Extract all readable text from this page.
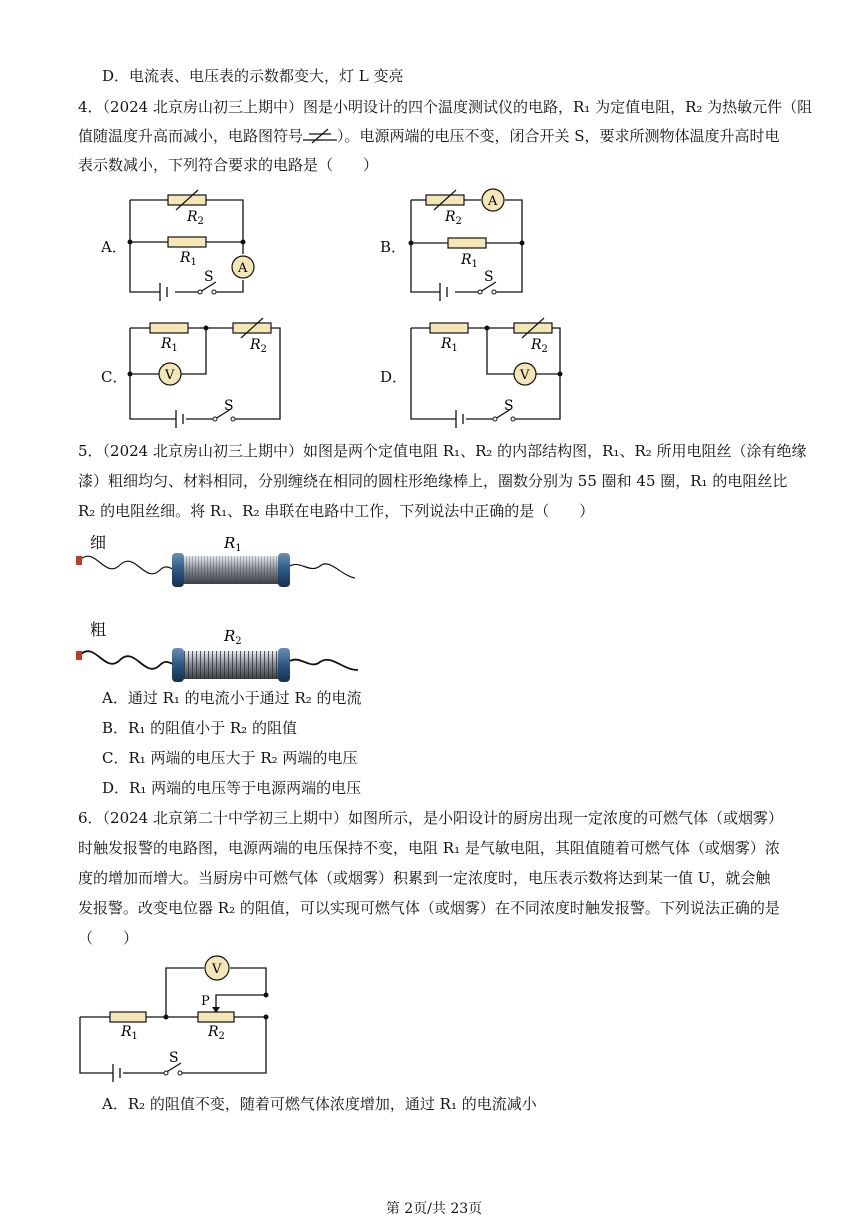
D．电流表、电压表的示数都变大，灯 L 变亮
4．（2024 北京房山初三上期中）图是小明设计的四个温度测试仪的电路，R₁ 为定值电阻，R₂ 为热敏元件（阻
值随温度升高而减小，电路图符号 ）。电源两端的电压不变，闭合开关 S，要求所测物体温度升高时电
表示数减小，下列符合要求的电路是（　　）
A．	B．
C．	D．
$R_2$
$R_1$	A
S
$R_2$
$R_1$
A
S
$R_1$	$R_2$
V
S
$R_1$	$R_2$
V
S
5．（2024 北京房山初三上期中）如图是两个定值电阻 R₁、R₂ 的内部结构图，R₁、R₂ 所用电阻丝（涂有绝缘
漆）粗细均匀、材料相同，分别缠绕在相同的圆柱形绝缘棒上，圈数分别为 55 圈和 45 圈，R₁ 的电阻丝比
R₂ 的电阻丝细。将 R₁、R₂ 串联在电路中工作，下列说法中正确的是（　　）
细
粗
$R_1$
$R_2$
A．通过 R₁ 的电流小于通过 R₂ 的电流
B．R₁ 的阻值小于 R₂ 的阻值
C．R₁ 两端的电压大于 R₂ 两端的电压
D．R₁ 两端的电压等于电源两端的电压
6．（2024 北京第二十中学初三上期中）如图所示，是小阳设计的厨房出现一定浓度的可燃气体（或烟雾）
时触发报警的电路图，电源两端的电压保持不变，电阻 R₁ 是气敏电阻，其阻值随着可燃气体（或烟雾）浓
度的增加而增大。当厨房中可燃气体（或烟雾）积累到一定浓度时，电压表示数将达到某一值 U，就会触
发报警。改变电位器 R₂ 的阻值，可以实现可燃气体（或烟雾）在不同浓度时触发报警。下列说法正确的是
（　　）
V
P
$R_1$	$R_2$
S
A．R₂ 的阻值不变，随着可燃气体浓度增加，通过 R₁ 的电流减小
第 2页/共 23页
